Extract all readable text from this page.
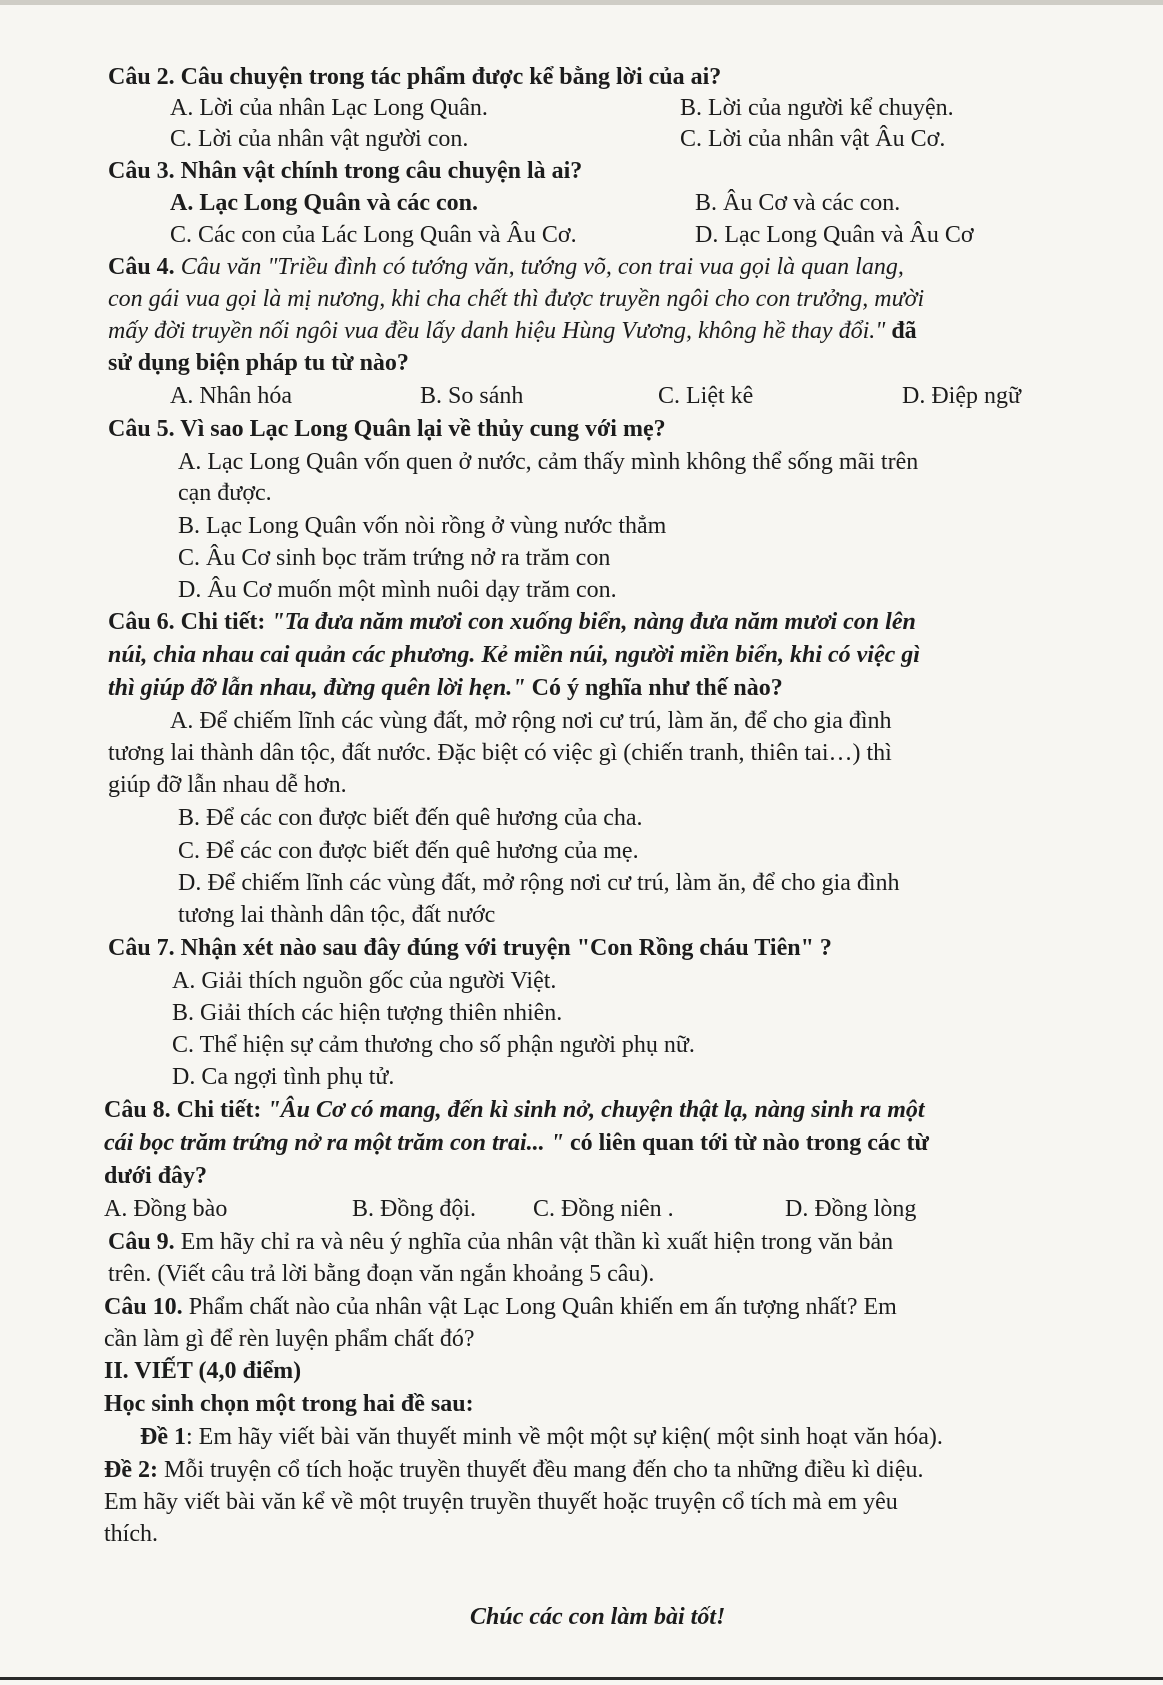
Câu 2. Câu chuyện trong tác phẩm được kể bằng lời của ai?
A. Lời của nhân Lạc Long Quân.	B. Lời của người kể chuyện.
C. Lời của nhân vật người con.	C. Lời của nhân vật Âu Cơ.
Câu 3. Nhân vật chính trong câu chuyện là ai?
A. Lạc Long Quân và các con.	B. Âu Cơ và các con.
C. Các con của Lác Long Quân và Âu Cơ.	D. Lạc Long Quân và Âu Cơ
Câu 4. Câu văn "Triều đình có tướng văn, tướng võ, con trai vua gọi là quan lang,
con gái vua gọi là mị nương, khi cha chết thì được truyền ngôi cho con trưởng, mười
mấy đời truyền nối ngôi vua đều lấy danh hiệu Hùng Vương, không hề thay đổi." đã
sử dụng biện pháp tu từ nào?
A. Nhân hóa	B. So sánh	C. Liệt kê	D. Điệp ngữ
Câu 5. Vì sao Lạc Long Quân lại về thủy cung với mẹ?
A. Lạc Long Quân vốn quen ở nước, cảm thấy mình không thể sống mãi trên
cạn được.
B. Lạc Long Quân vốn nòi rồng ở vùng nước thẳm
C. Âu Cơ sinh bọc trăm trứng nở ra trăm con
D. Âu Cơ muốn một mình nuôi dạy trăm con.
Câu 6. Chi tiết: "Ta đưa năm mươi con xuống biển, nàng đưa năm mươi con lên
núi, chia nhau cai quản các phương. Kẻ miền núi, người miền biển, khi có việc gì
thì giúp đỡ lẫn nhau, đừng quên lời hẹn." Có ý nghĩa như thế nào?
A. Để chiếm lĩnh các vùng đất, mở rộng nơi cư trú, làm ăn, để cho gia đình
tương lai thành dân tộc, đất nước. Đặc biệt có việc gì (chiến tranh, thiên tai…) thì
giúp đỡ lẫn nhau dễ hơn.
B. Để các con được biết đến quê hương của cha.
C. Để các con được biết đến quê hương của mẹ.
D. Để chiếm lĩnh các vùng đất, mở rộng nơi cư trú, làm ăn, để cho gia đình
tương lai thành dân tộc, đất nước
Câu 7. Nhận xét nào sau đây đúng với truyện "Con Rồng cháu Tiên" ?
A. Giải thích nguồn gốc của người Việt.
B. Giải thích các hiện tượng thiên nhiên.
C. Thể hiện sự cảm thương cho số phận người phụ nữ.
D. Ca ngợi tình phụ tử.
Câu 8. Chi tiết: "Âu Cơ có mang, đến kì sinh nở, chuyện thật lạ, nàng sinh ra một
cái bọc trăm trứng nở ra một trăm con trai... " có liên quan tới từ nào trong các từ
dưới đây?
A. Đồng bào	B. Đồng đội. C. Đồng niên .	D. Đồng lòng
Câu 9. Em hãy chỉ ra và nêu ý nghĩa của nhân vật thần kì xuất hiện trong văn bản
trên. (Viết câu trả lời bằng đoạn văn ngắn khoảng 5 câu).
Câu 10. Phẩm chất nào của nhân vật Lạc Long Quân khiến em ấn tượng nhất? Em
cần làm gì để rèn luyện phẩm chất đó?
II. VIẾT (4,0 điểm)
Học sinh chọn một trong hai đề sau:
Đề 1: Em hãy viết bài văn thuyết minh về một một sự kiện( một sinh hoạt văn hóa).
Đề 2: Mỗi truyện cổ tích hoặc truyền thuyết đều mang đến cho ta những điều kì diệu.
Em hãy viết bài văn kể về một truyện truyền thuyết hoặc truyện cổ tích mà em yêu
thích.
Chúc các con làm bài tốt!
